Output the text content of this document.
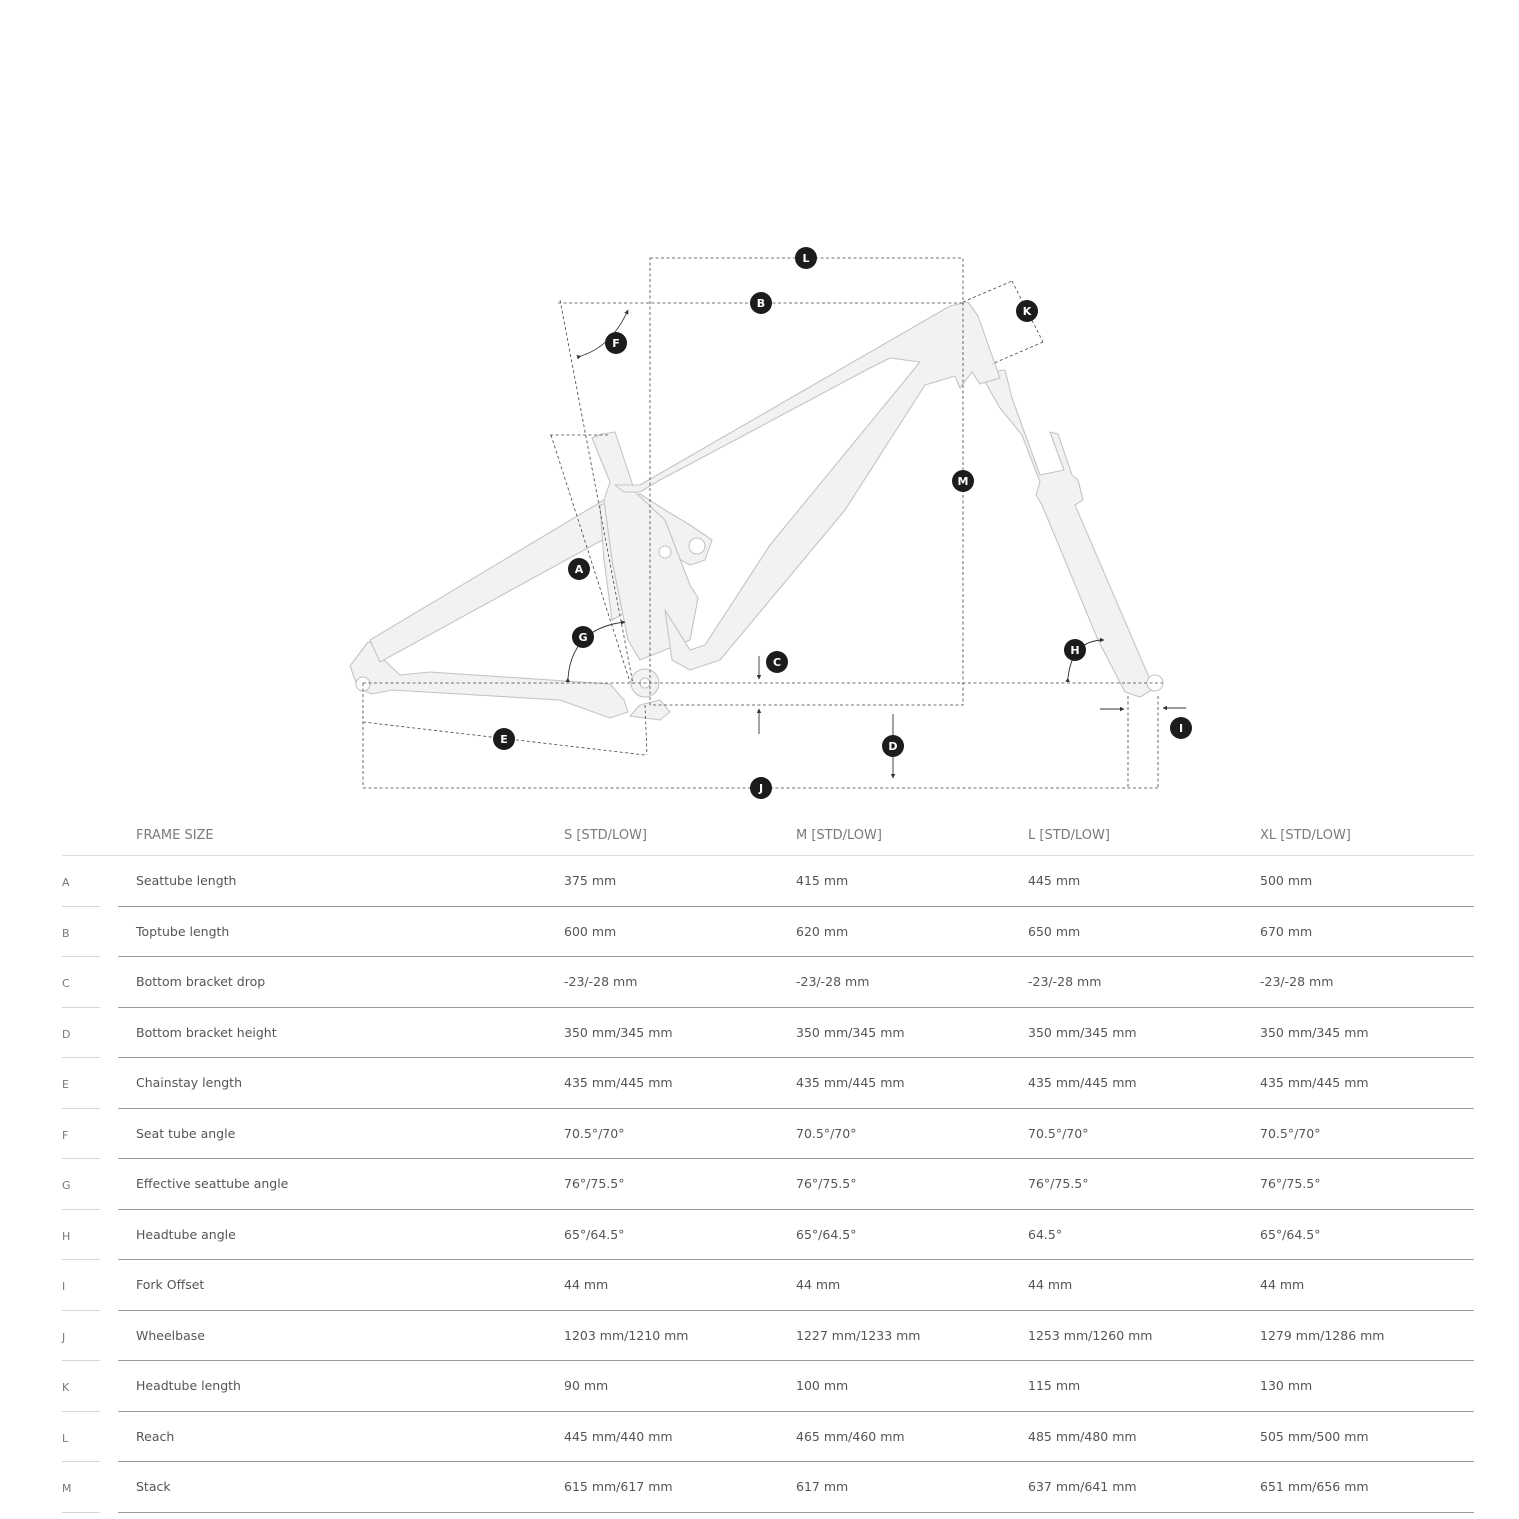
L
B
K
F
M
A
G
C
H
I
E
D
J
FRAME SIZE	S [STD/LOW]	M [STD/LOW]	L [STD/LOW]	XL [STD/LOW]
A	Seattube length	375 mm	415 mm	445 mm	500 mm
B	Toptube length	600 mm	620 mm	650 mm	670 mm
C	Bottom bracket drop	-23/-28 mm	-23/-28 mm	-23/-28 mm	-23/-28 mm
D	Bottom bracket height	350 mm/345 mm	350 mm/345 mm	350 mm/345 mm	350 mm/345 mm
E	Chainstay length	435 mm/445 mm	435 mm/445 mm	435 mm/445 mm	435 mm/445 mm
F	Seat tube angle	70.5°/70°	70.5°/70°	70.5°/70°	70.5°/70°
G	Effective seattube angle	76°/75.5°	76°/75.5°	76°/75.5°	76°/75.5°
H	Headtube angle	65°/64.5°	65°/64.5°	64.5°	65°/64.5°
I	Fork Offset	44 mm	44 mm	44 mm	44 mm
J	Wheelbase	1203 mm/1210 mm	1227 mm/1233 mm	1253 mm/1260 mm	1279 mm/1286 mm
K	Headtube length	90 mm	100 mm	115 mm	130 mm
L	Reach	445 mm/440 mm	465 mm/460 mm	485 mm/480 mm	505 mm/500 mm
M	Stack	615 mm/617 mm	617 mm	637 mm/641 mm	651 mm/656 mm
